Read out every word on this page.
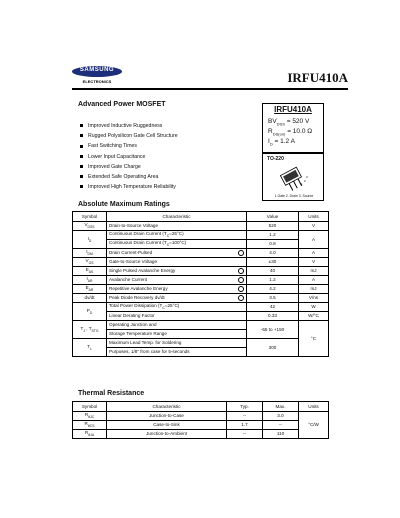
SAMSUNG
ELECTRONICS	IRFU410A
Advanced Power MOSFET
Improved Inductive Ruggedness
Rugged Polysilicon Gate Cell Structure
Fast Switching Times
Lower Input Capacitance
Improved Gate Charge
Extended Safe Operating Area
Improved High Temperature Reliability
IRFU410A
$BV_{DSS} = 520$ V
$R_{DS(on)} = 10.0$ Ω
$I_D = 1.2$ A
TO-220
1
2
3
1.Gate 2. Drain 3. Source
Absolute Maximum Ratings
Symbol	Characteristic	Value	Units
$V_{DSS}$	Drain-to-Source Voltage	520	V
$I_D$	Continuous Drain Current $(T_C=25^\circ C)$	1.2	A
	Continuous Drain Current $(T_C=100^\circ C)$	0.8	
$I_{DM}$	Drain Current-Pulsed	4.0	A
$V_{GS}$	Gate-to-Source Voltage	±30	V
$E_{AS}$	Single Pulsed Avalanche Energy	40	mJ
$I_{AR}$	Avalanche Current	1.2	A
$E_{AR}$	Repetitive Avalanche Energy	4.2	mJ
dv/dt	Peak Diode Recovery dv/dt	3.5	V/ns
$P_D$	Total Power Dissipation $(T_C=25^\circ C)$	42	W
	Linear Derating Factor	0.33	W/°C
$T_J$ , $T_{STG}$	Operating Junction and	-55 to +150	°C
	Storage Temperature Range		
$T_L$	Maximum Lead Temp. for Soldering	300	
	Purposes, 1/8" from case for 5-seconds		
Thermal Resistance
Symbol	Characteristic	Typ.	Max.	Units
$R_{\theta JC}$	Junction-to-Case	--	3.0	°C/W
$R_{\theta CS}$	Case-to-Sink	1.7	--	
$R_{\theta JA}$	Junction-to-Ambient	--	110	
